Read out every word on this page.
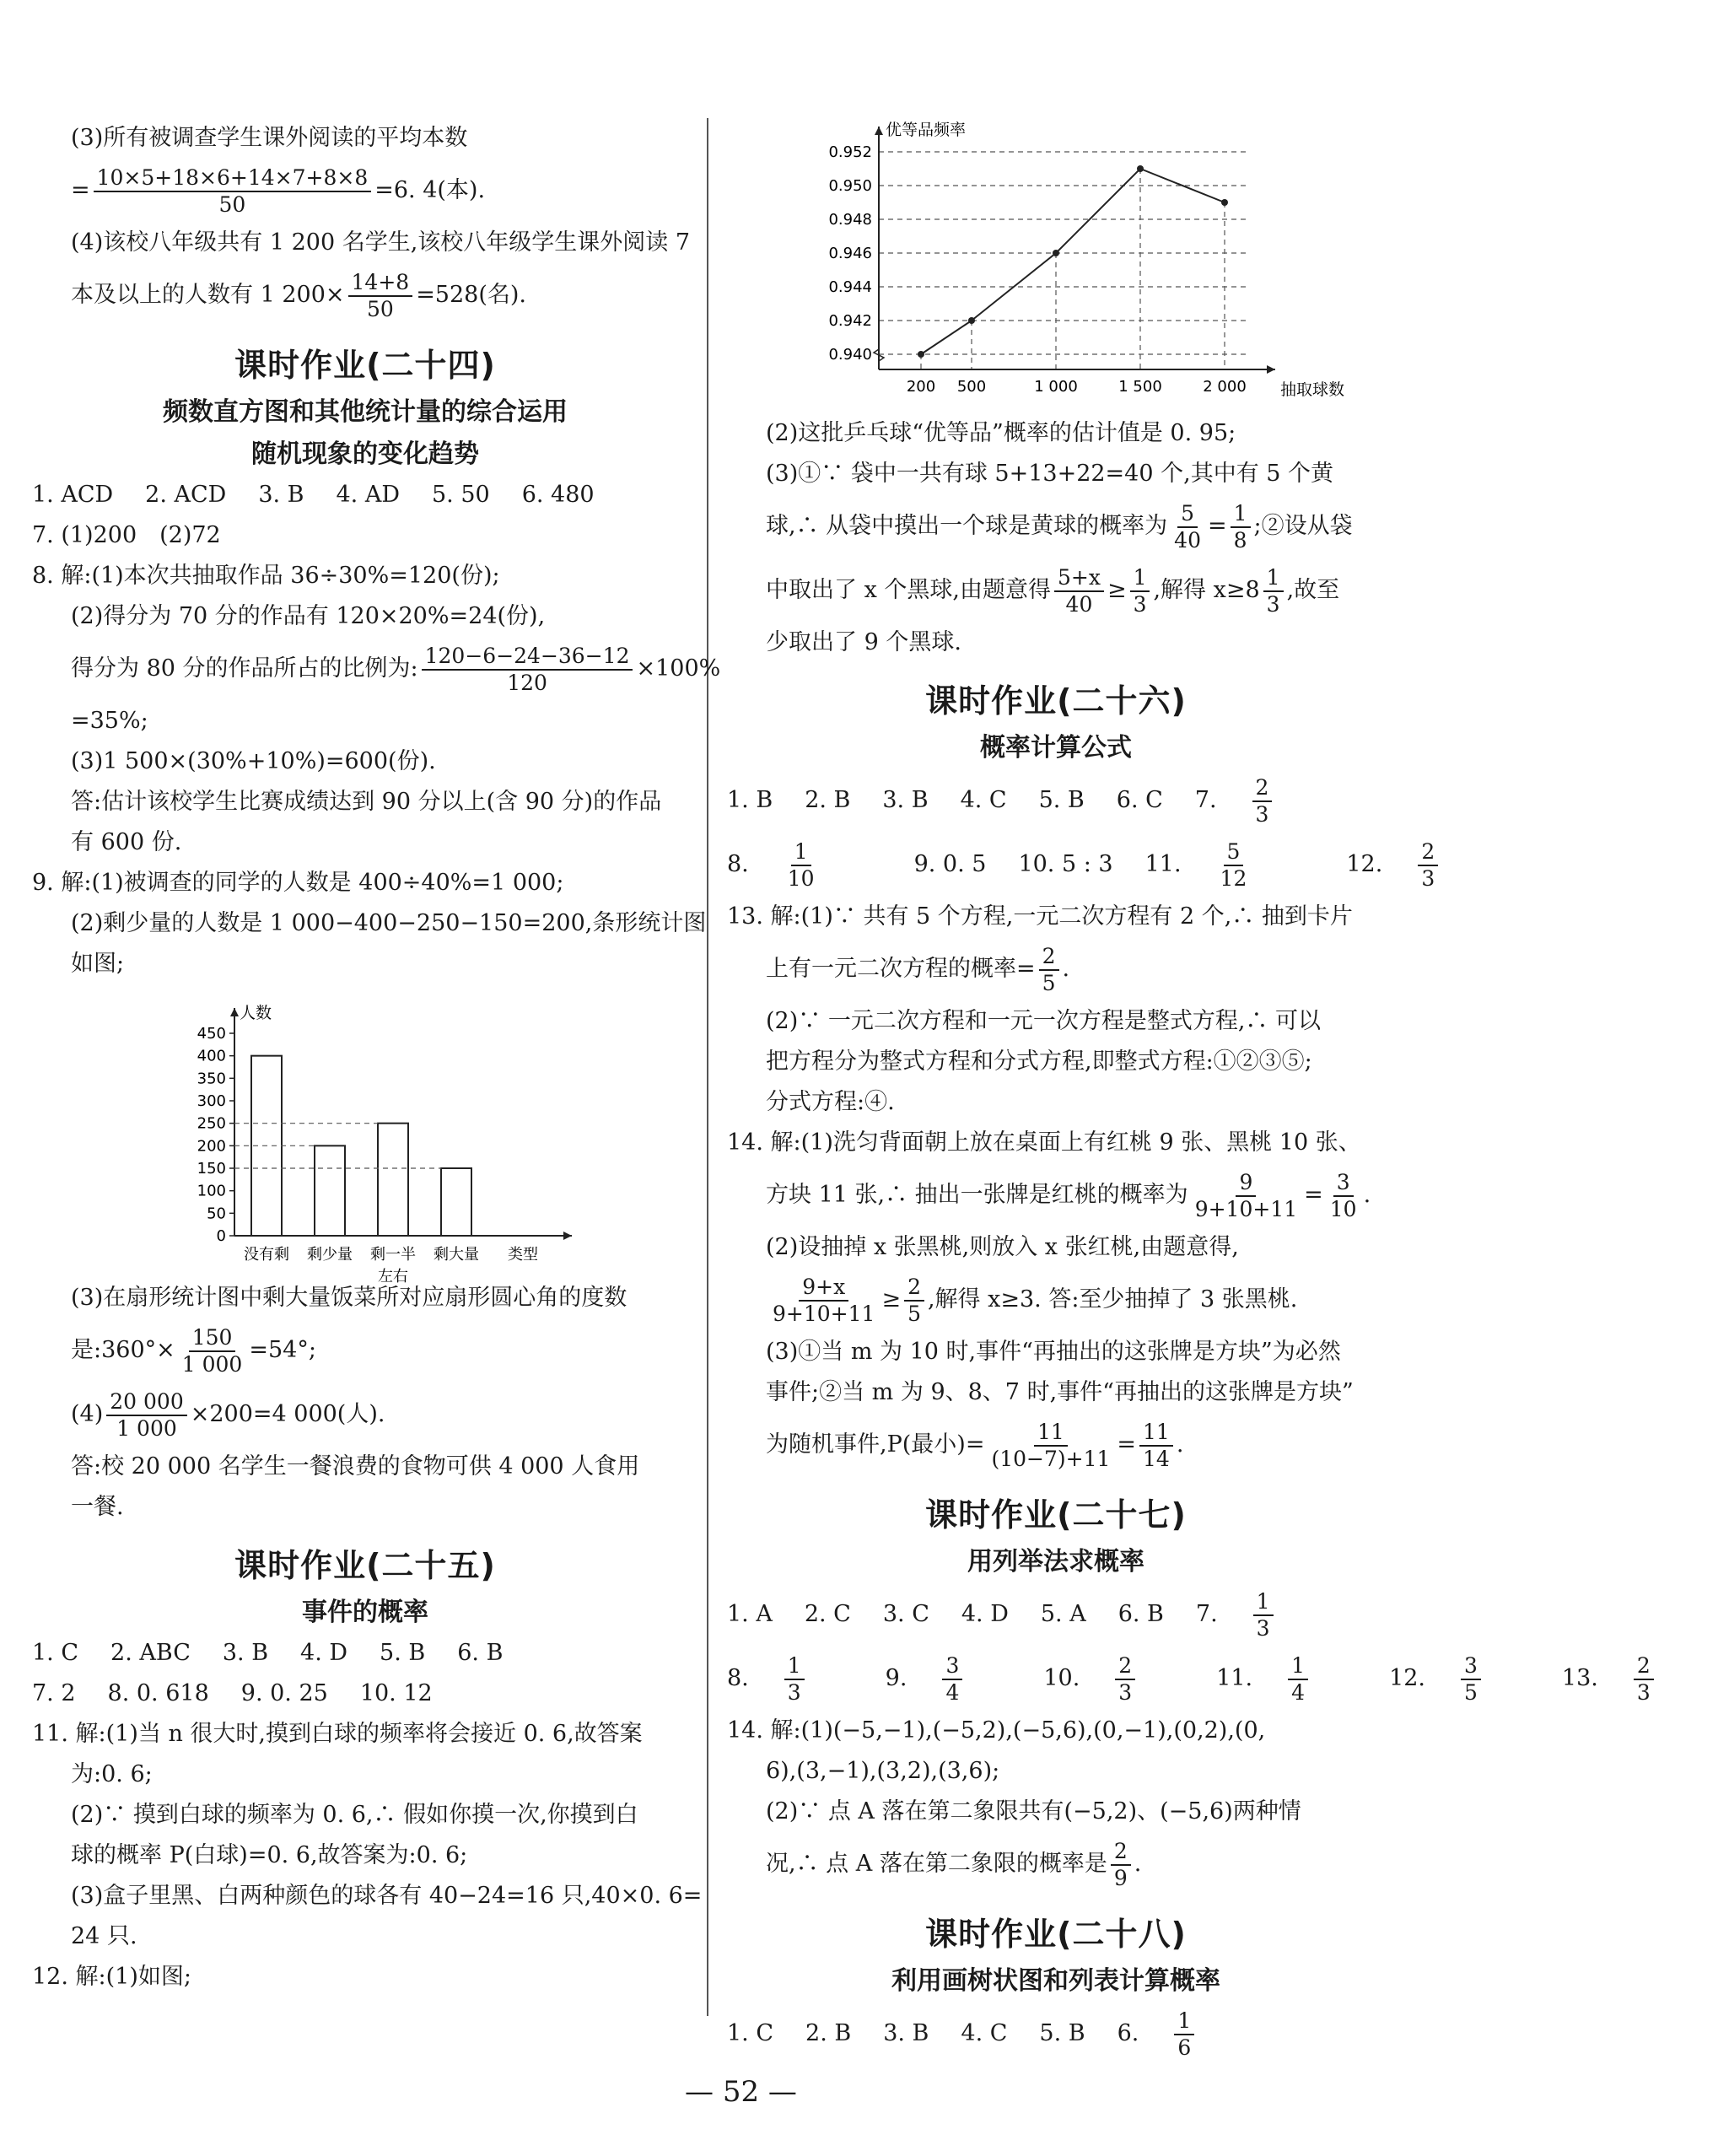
(3)所有被调查学生课外阅读的平均本数
= $\frac{10\times 5+18\times 6+14\times 7+8\times 8}{50} =6$. 4(本).
(4)该校八年级共有 1 200 名学生,该校八年级学生课外阅读 7
本及以上的人数有 1 $200\times \frac{14+8}{50} =528$(名).
课时作业(二十四)
频数直方图和其他统计量的综合运用
随机现象的变化趋势
1. ACD 2. ACD 3. B 4. AD 5. 50 6. 480
7. (1)200　(2)72
8. 解:(1)本次共抽取作品 36÷30%=120(份);
(2)得分为 70 分的作品有 120×20%=24(份),
得分为 80 分的作品所占的比例为: $\frac{120-6-24-36-12}{120} \times 100\%$
=35%;
(3)1 500×(30%+10%)=600(份).
答:估计该校学生比赛成绩达到 90 分以上(含 90 分)的作品
有 600 份.
9. 解:(1)被调查的同学的人数是 400÷40%=1 000;
(2)剩少量的人数是 1 000−400−250−150=200,条形统计图
如图;
0
50
100
150
200
250
300
350
400
450
人数
没有剩 剩少量 剩一半 剩大量
左右
类型
(3)在扇形统计图中剩大量饭菜所对应扇形圆心角的度数
是:360°× $\frac{150}{1 000} =54^\circ$;
$(4) \frac{20 000}{1 000} \times 200=4$ 000(人).
答:校 20 000 名学生一餐浪费的食物可供 4 000 人食用
一餐.
课时作业(二十五)
事件的概率
1. C 2. ABC 3. B 4. D 5. B 6. B
7. 2 8. 0. 618 9. 0. 25 10. 12
11. 解:(1)当 n 很大时,摸到白球的频率将会接近 0. 6,故答案
为:0. 6;
(2)∵ 摸到白球的频率为 0. 6,∴ 假如你摸一次,你摸到白
球的概率 P(白球)=0. 6,故答案为:0. 6;
(3)盒子里黑、白两种颜色的球各有 40−24=16 只,40×0. 6=
24 只.
12. 解:(1)如图;
0.940
0.942
0.944
0.946
0.948
0.950
0.952
200 500	1 000	1 500	2 000
优等品频率
抽取球数
(2)这批乒乓球“优等品”概率的估计值是 0. 95;
(3)①∵ 袋中一共有球 5+13+22=40 个,其中有 5 个黄
球,∴ 从袋中摸出一个球是黄球的概率为 $\frac{5}{40} = \frac{1}{8}$ ;②设从袋
中取出了 x 个黑球,由题意得 $\frac{5+x}{40} \ge \frac{1}{3}$ ,解得 $x\ge 8 \frac{1}{3}$ ,故至
少取出了 9 个黑球.
课时作业(二十六)
概率计算公式
1. B 2. B 3. B 4. C 5. B 6. C 7. $\frac{2}{3}$
8. $\frac{1}{10}$	9. 0. 5 10. 5 : 3 11. $\frac{5}{12}$	12. $\frac{2}{3}$
13. 解:(1)∵ 共有 5 个方程,一元二次方程有 2 个,∴ 抽到卡片
上有一元二次方程的概率= $\frac{2}{5}$ .
(2)∵ 一元二次方程和一元一次方程是整式方程,∴ 可以
把方程分为整式方程和分式方程,即整式方程:①②③⑤;
分式方程:④.
14. 解:(1)洗匀背面朝上放在桌面上有红桃 9 张、黑桃 10 张、
方块 11 张,∴ 抽出一张牌是红桃的概率为 $\frac{9}{9+10+11} = \frac{3}{10}$ .
(2)设抽掉 x 张黑桃,则放入 x 张红桃,由题意得,
$\frac{9+x}{9+10+11} \ge \frac{2}{5}$ ,解得 x≥3. 答:至少抽掉了 3 张黑桃.
(3)①当 m 为 10 时,事件“再抽出的这张牌是方块”为必然
事件;②当 m 为 9、8、7 时,事件“再抽出的这张牌是方块”
为随机事件,P(最小)= $\frac{11}{(10-7)+11} = \frac{11}{14}$ .
课时作业(二十七)
用列举法求概率
1. A 2. C 3. C 4. D 5. A 6. B 7. $\frac{1}{3}$
8. $\frac{1}{3} 9$. $\frac{3}{4} 10$. $\frac{2}{3} 11$. $\frac{1}{4} 12$. $\frac{3}{5} 13$. $\frac{2}{3}$
14. 解:(1)(−5,−1),(−5,2),(−5,6),(0,−1),(0,2),(0,
6),(3,−1),(3,2),(3,6);
(2)∵ 点 A 落在第二象限共有(−5,2)、(−5,6)两种情
况,∴ 点 A 落在第二象限的概率是 $\frac{2}{9}$ .
课时作业(二十八)
利用画树状图和列表计算概率
1. C 2. B 3. B 4. C 5. B 6. $\frac{1}{6}$
— 52 —
